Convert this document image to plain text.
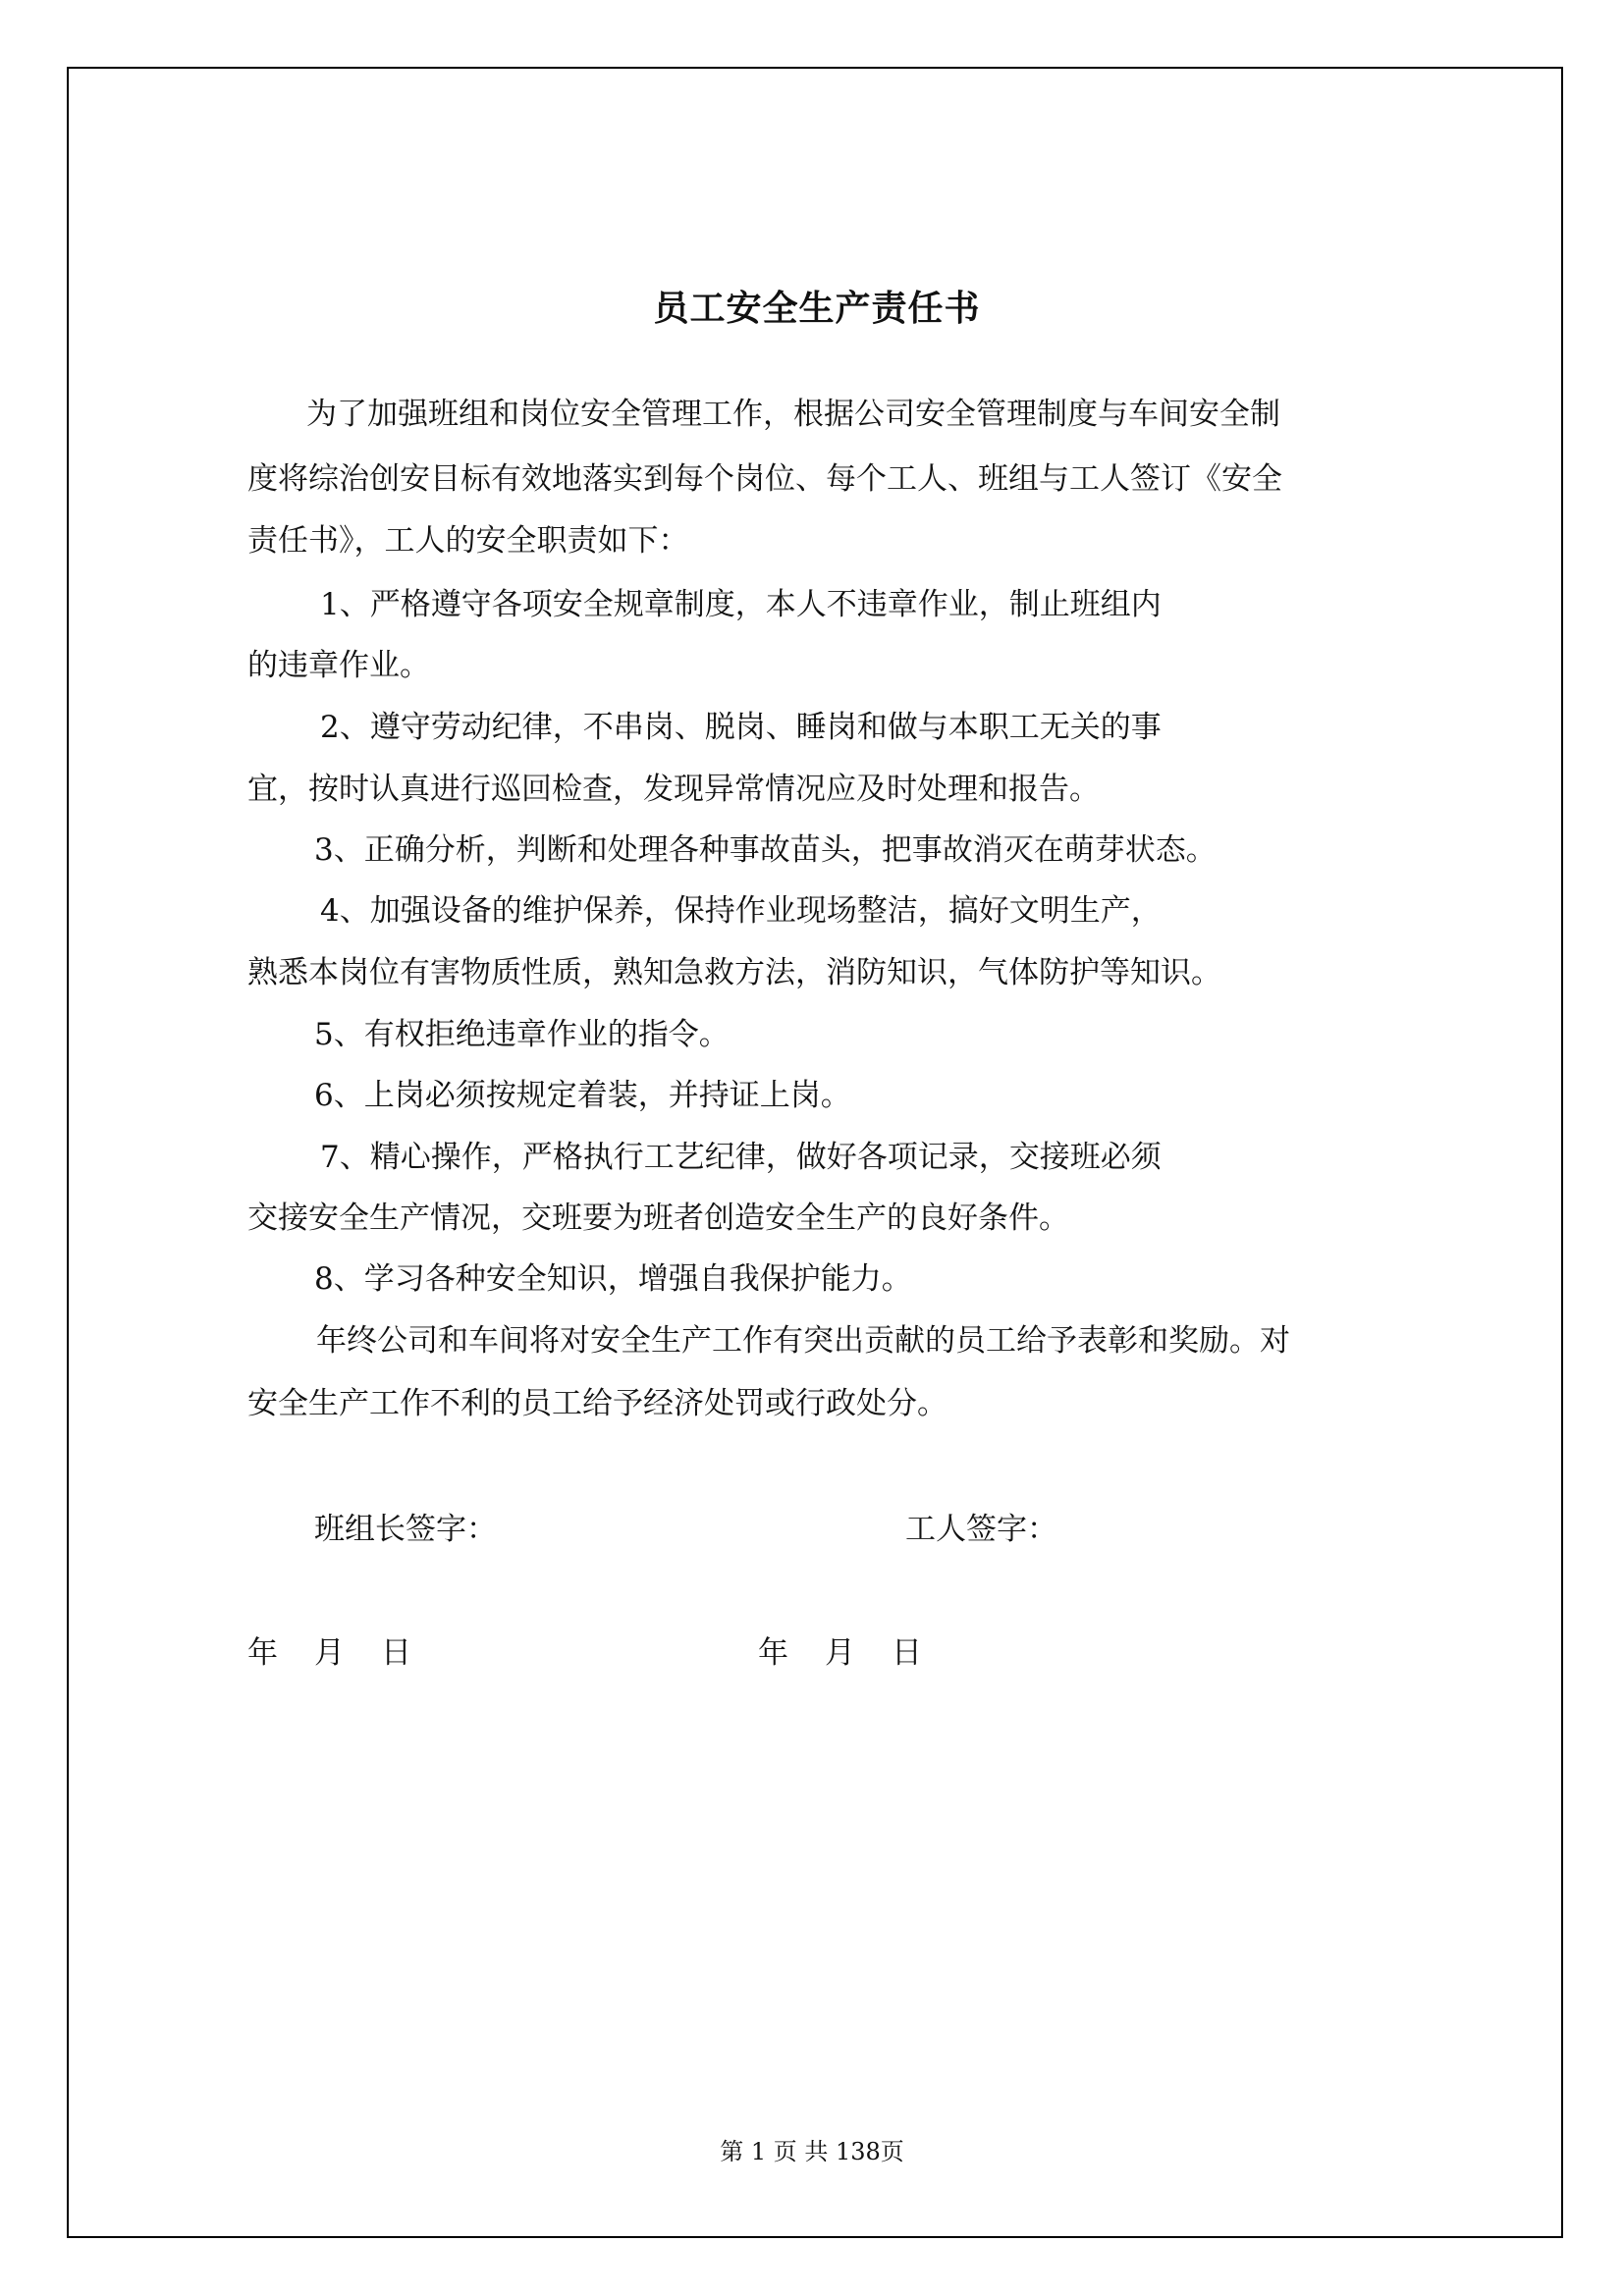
员工安全生产责任书
为了加强班组和岗位安全管理工作，根据公司安全管理制度与车间安全制
度将综治创安目标有效地落实到每个岗位、每个工人、班组与工人签订《安全
责任书》，工人的安全职责如下：
1、严格遵守各项安全规章制度，本人不违章作业，制止班组内
的违章作业。
2、遵守劳动纪律，不串岗、脱岗、睡岗和做与本职工无关的事
宜，按时认真进行巡回检查，发现异常情况应及时处理和报告。
3、正确分析，判断和处理各种事故苗头，把事故消灭在萌芽状态。
4、加强设备的维护保养，保持作业现场整洁，搞好文明生产，
熟悉本岗位有害物质性质，熟知急救方法，消防知识，气体防护等知识。
5、有权拒绝违章作业的指令。
6、上岗必须按规定着装，并持证上岗。
7、精心操作，严格执行工艺纪律，做好各项记录，交接班必须
交接安全生产情况，交班要为班者创造安全生产的良好条件。
8、学习各种安全知识，增强自我保护能力。
年终公司和车间将对安全生产工作有突出贡献的员工给予表彰和奖励。对
安全生产工作不利的员工给予经济处罚或行政处分。
班组长签字：	工人签字：
年 月 日	年 月 日
第 1 页 共 138页
